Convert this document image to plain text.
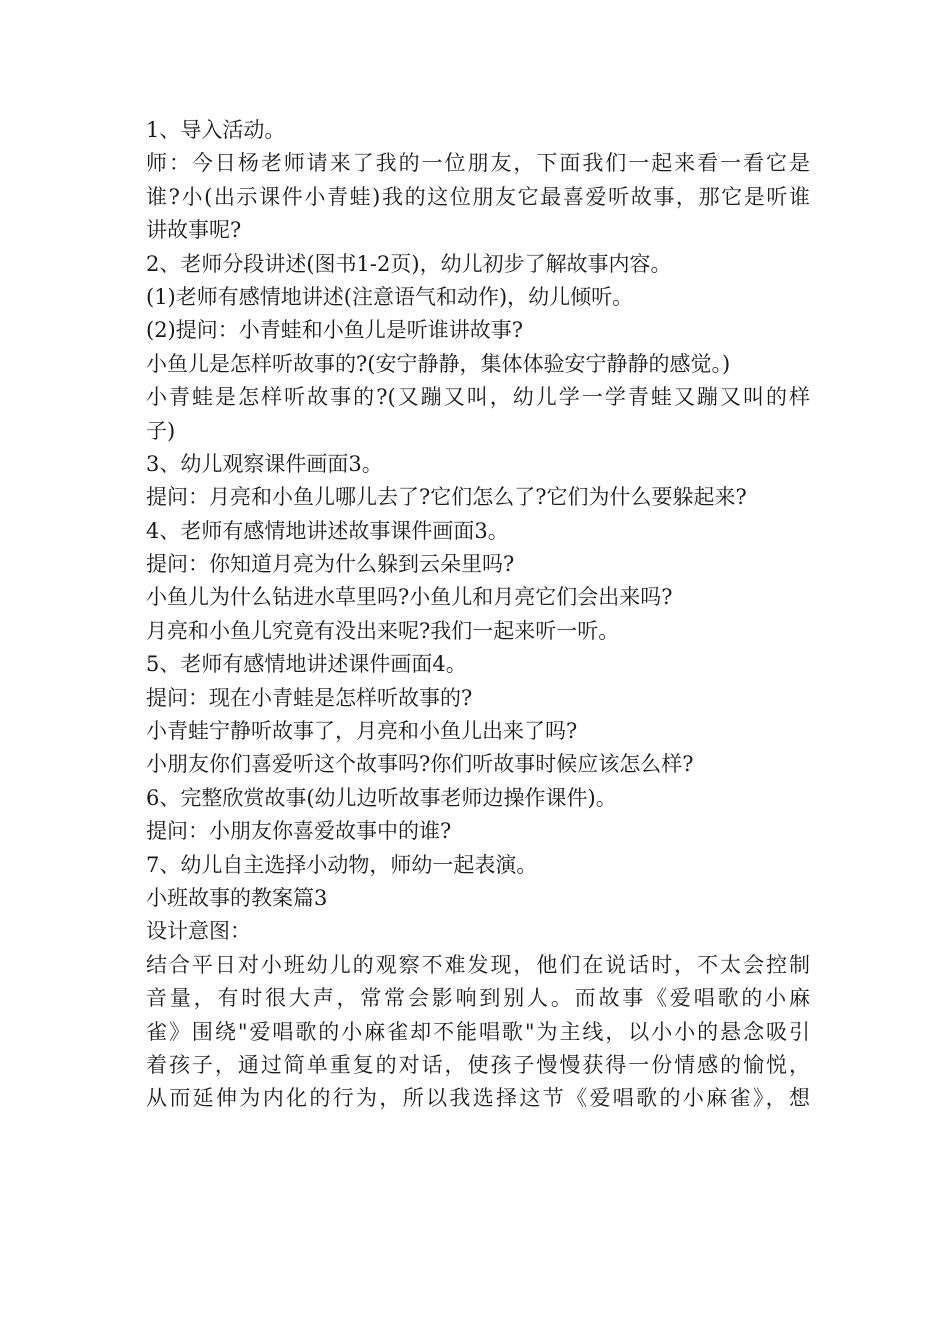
1、导入活动。
师：今日杨老师请来了我的一位朋友，下面我们一起来看一看它是
谁?小(出示课件小青蛙)我的这位朋友它最喜爱听故事，那它是听谁
讲故事呢?
2、老师分段讲述(图书1-2页)，幼儿初步了解故事内容。
(1)老师有感情地讲述(注意语气和动作)，幼儿倾听。
(2)提问：小青蛙和小鱼儿是听谁讲故事?
小鱼儿是怎样听故事的?(安宁静静，集体体验安宁静静的感觉。)
小青蛙是怎样听故事的?(又蹦又叫，幼儿学一学青蛙又蹦又叫的样
子)
3、幼儿观察课件画面3。
提问：月亮和小鱼儿哪儿去了?它们怎么了?它们为什么要躲起来?
4、老师有感情地讲述故事课件画面3。
提问：你知道月亮为什么躲到云朵里吗?
小鱼儿为什么钻进水草里吗?小鱼儿和月亮它们会出来吗?
月亮和小鱼儿究竟有没出来呢?我们一起来听一听。
5、老师有感情地讲述课件画面4。
提问：现在小青蛙是怎样听故事的?
小青蛙宁静听故事了，月亮和小鱼儿出来了吗?
小朋友你们喜爱听这个故事吗?你们听故事时候应该怎么样?
6、完整欣赏故事(幼儿边听故事老师边操作课件)。
提问：小朋友你喜爱故事中的谁?
7、幼儿自主选择小动物，师幼一起表演。
小班故事的教案篇3
设计意图：
结合平日对小班幼儿的观察不难发现，他们在说话时，不太会控制
音量，有时很大声，常常会影响到别人。而故事《爱唱歌的小麻
雀》围绕"爱唱歌的小麻雀却不能唱歌"为主线，以小小的悬念吸引
着孩子，通过简单重复的对话，使孩子慢慢获得一份情感的愉悦，
从而延伸为内化的行为，所以我选择这节《爱唱歌的小麻雀》，想
